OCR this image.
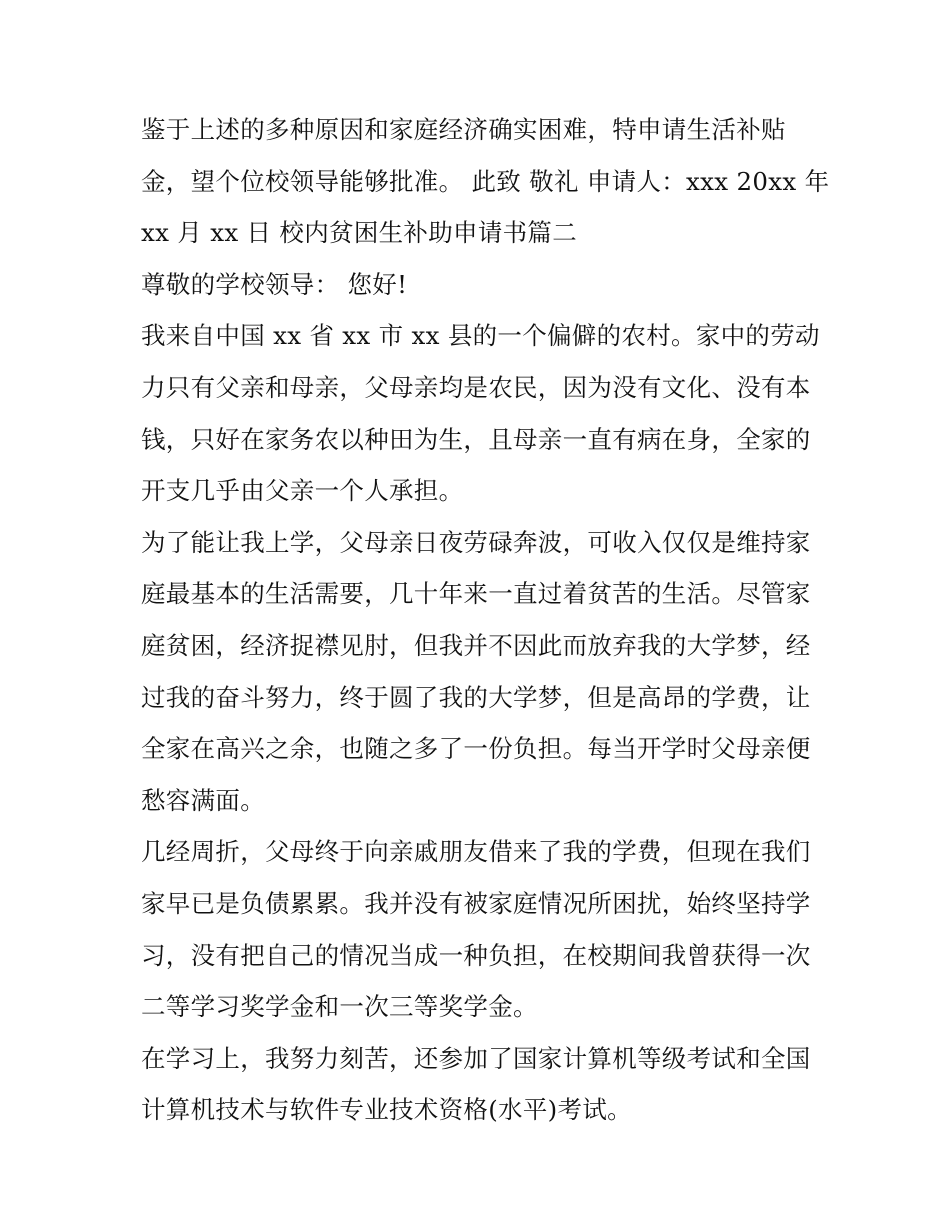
鉴于上述的多种原因和家庭经济确实困难，特申请生活补贴
金，望个位校领导能够批准。 此致 敬礼 申请人：xxx 20xx 年
xx 月 xx 日 校内贫困生补助申请书篇二
尊敬的学校领导： 您好!
我来自中国 xx 省 xx 市 xx 县的一个偏僻的农村。家中的劳动
力只有父亲和母亲，父母亲均是农民，因为没有文化、没有本
钱，只好在家务农以种田为生，且母亲一直有病在身，全家的
开支几乎由父亲一个人承担。
为了能让我上学，父母亲日夜劳碌奔波，可收入仅仅是维持家
庭最基本的生活需要，几十年来一直过着贫苦的生活。尽管家
庭贫困，经济捉襟见肘，但我并不因此而放弃我的大学梦，经
过我的奋斗努力，终于圆了我的大学梦，但是高昂的学费，让
全家在高兴之余，也随之多了一份负担。每当开学时父母亲便
愁容满面。
几经周折，父母终于向亲戚朋友借来了我的学费，但现在我们
家早已是负债累累。我并没有被家庭情况所困扰，始终坚持学
习，没有把自己的情况当成一种负担，在校期间我曾获得一次
二等学习奖学金和一次三等奖学金。
在学习上，我努力刻苦，还参加了国家计算机等级考试和全国
计算机技术与软件专业技术资格(水平)考试。
